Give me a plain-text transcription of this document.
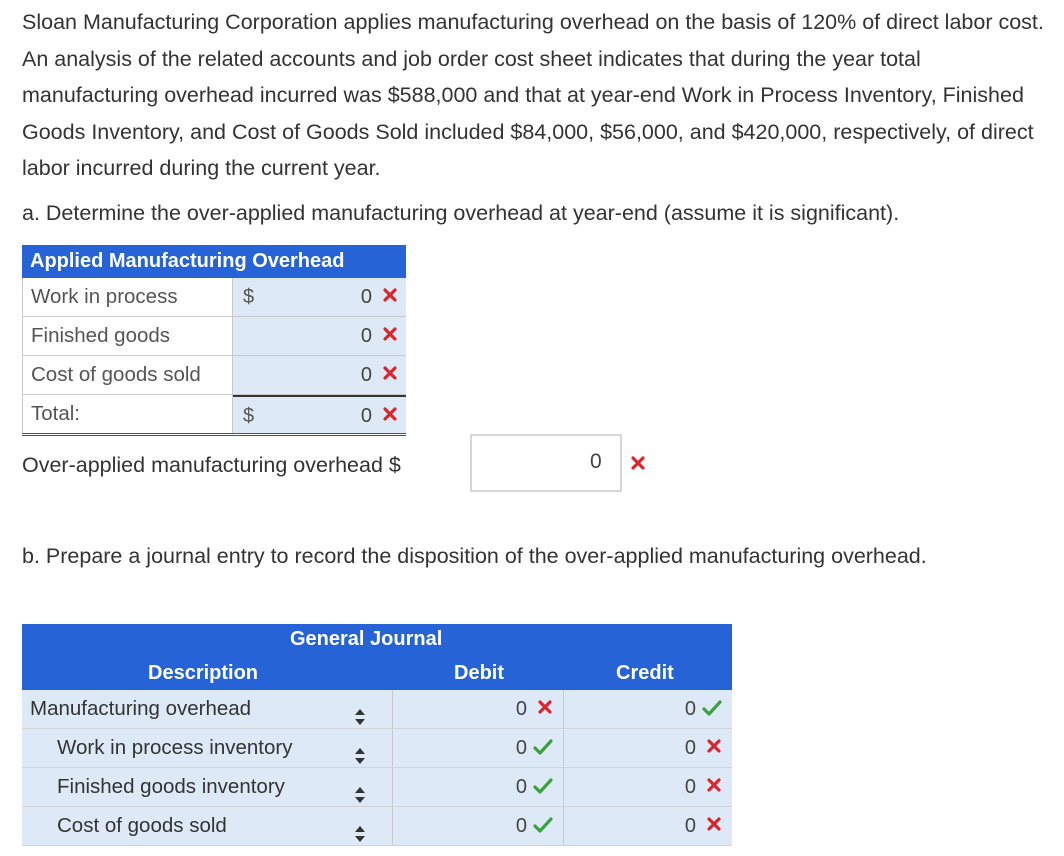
Sloan Manufacturing Corporation applies manufacturing overhead on the basis of 120% of direct labor cost. An analysis of the related accounts and job order cost sheet indicates that during the year total manufacturing overhead incurred was $588,000 and that at year-end Work in Process Inventory, Finished Goods Inventory, and Cost of Goods Sold included $84,000, $56,000, and $420,000, respectively, of direct labor incurred during the current year.

a. Determine the over-applied manufacturing overhead at year-end (assume it is significant).

Applied Manufacturing Overhead
Work in process	$	0
Finished goods	0
Cost of goods sold	0
Total:	$	0
Over-applied manufacturing overhead $	0

b. Prepare a journal entry to record the disposition of the over-applied manufacturing overhead.

General Journal
Description	Debit	Credit
Manufacturing overhead	0	0
Work in process inventory	0	0
Finished goods inventory	0	0
Cost of goods sold	0	0
